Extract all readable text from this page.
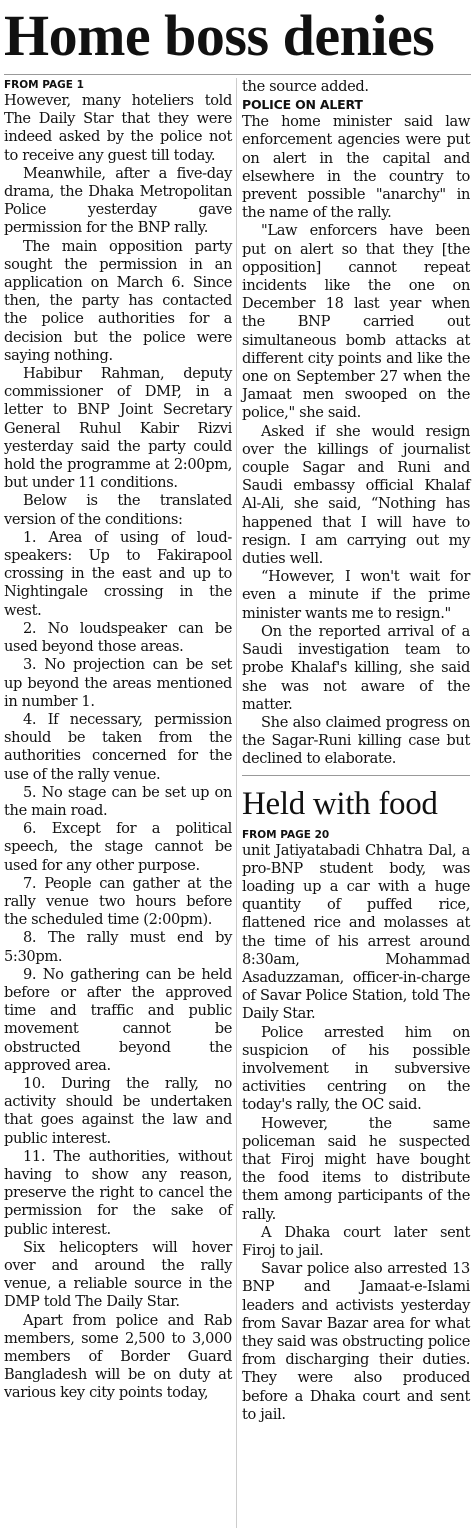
Home boss denies
FROM PAGE 1

However, many hoteliers told The Daily Star that they were indeed asked by the police not to receive any guest till today.

Meanwhile, after a five-day drama, the Dhaka Metropolitan Police yesterday gave permission for the BNP rally.

The main opposition party sought the permission in an application on March 6. Since then, the party has contacted the police authorities for a decision but the police were saying nothing.

Habibur Rahman, deputy commissioner of DMP, in a letter to BNP Joint Secretary General Ruhul Kabir Rizvi yesterday said the party could hold the programme at 2:00pm, but under 11 conditions.

Below is the translated version of the conditions:

1. Area of using of loud-speakers: Up to Fakirapool crossing in the east and up to Nightingale crossing in the west.

2. No loudspeaker can be used beyond those areas.

3. No projection can be set up beyond the areas mentioned in number 1.

4. If necessary, permission should be taken from the authorities concerned for the use of the rally venue.

5. No stage can be set up on the main road.

6. Except for a political speech, the stage cannot be used for any other purpose.

7. People can gather at the rally venue two hours before the scheduled time (2:00pm).

8. The rally must end by 5:30pm.

9. No gathering can be held before or after the approved time and traffic and public movement cannot be obstructed beyond the approved area.

10. During the rally, no activity should be undertaken that goes against the law and public interest.

11. The authorities, without having to show any reason, preserve the right to cancel the permission for the sake of public interest.

Six helicopters will hover over and around the rally venue, a reliable source in the DMP told The Daily Star.

Apart from police and Rab members, some 2,500 to 3,000 members of Border Guard Bangladesh will be on duty at various key city points today,

the source added.

POLICE ON ALERT

The home minister said law enforcement agencies were put on alert in the capital and elsewhere in the country to prevent possible "anarchy" in the name of the rally.

"Law enforcers have been put on alert so that they [the opposition] cannot repeat incidents like the one on December 18 last year when the BNP carried out simultaneous bomb attacks at different city points and like the one on September 27 when the Jamaat men swooped on the police," she said.

Asked if she would resign over the killings of journalist couple Sagar and Runi and Saudi embassy official Khalaf Al-Ali, she said, “Nothing has happened that I will have to resign. I am carrying out my duties well.

“However, I won't wait for even a minute if the prime minister wants me to resign."

On the reported arrival of a Saudi investigation team to probe Khalaf's killing, she said she was not aware of the matter.

She also claimed progress on the Sagar-Runi killing case but declined to elaborate.

Held with food
FROM PAGE 20

unit Jatiyatabadi Chhatra Dal, a pro-BNP student body, was loading up a car with a huge quantity of puffed rice, flattened rice and molasses at the time of his arrest around 8:30am, Mohammad Asaduzzaman, officer-in-charge of Savar Police Station, told The Daily Star.

Police arrested him on suspicion of his possible involvement in subversive activities centring on the today's rally, the OC said.

However, the same policeman said he suspected that Firoj might have bought the food items to distribute them among participants of the rally.

A Dhaka court later sent Firoj to jail.

Savar police also arrested 13 BNP and Jamaat-e-Islami leaders and activists yesterday from Savar Bazar area for what they said was obstructing police from discharging their duties. They were also produced before a Dhaka court and sent to jail.
